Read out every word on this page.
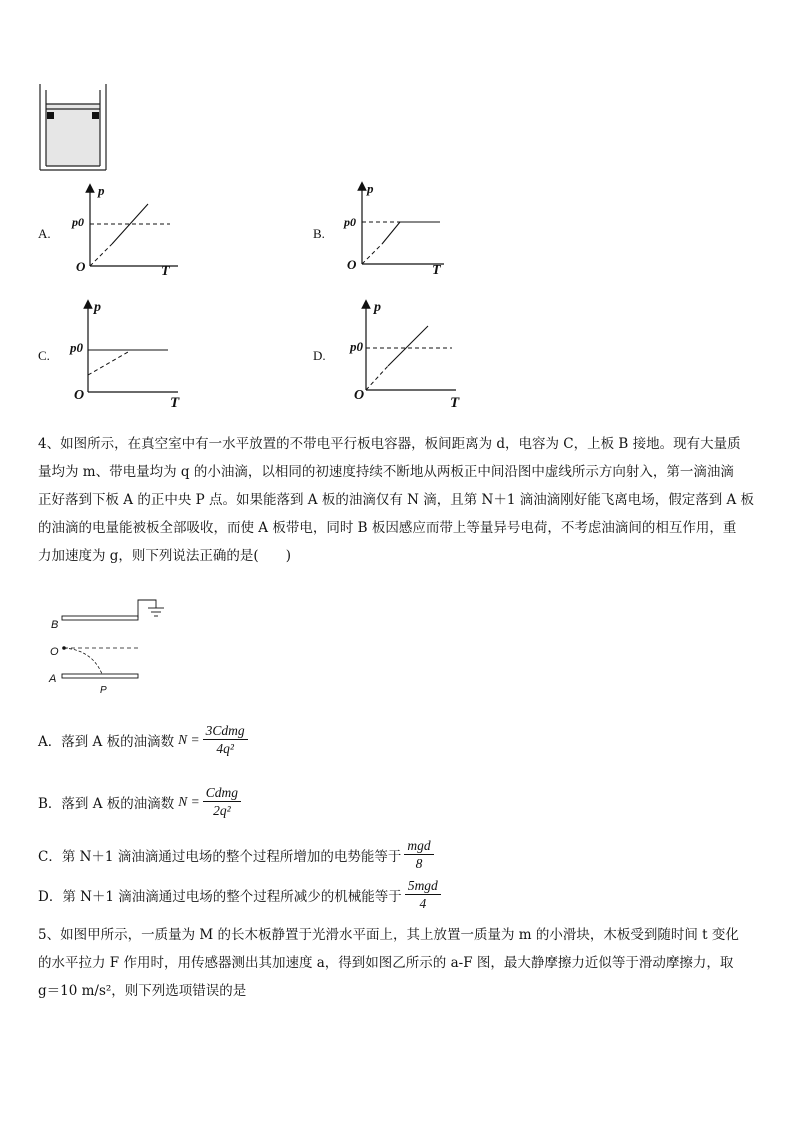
A.
p
p0
O	T
B.
p
p0
O	T
C.
p
p0
O	T
D.
p
p0
O	T

4、如图所示，在真空室中有一水平放置的不带电平行板电容器，板间距离为 d，电容为 C，上板 B 接地。现有大量质

量均为 m、带电量均为 q 的小油滴，以相同的初速度持续不断地从两板正中间沿图中虚线所示方向射入，第一滴油滴

正好落到下板 A 的正中央 P 点。如果能落到 A 板的油滴仅有 N 滴，且第 N＋1 滴油滴刚好能飞离电场，假定落到 A 板

的油滴的电量能被板全部吸收，而使 A 板带电，同时 B 板因感应而带上等量异号电荷，不考虑油滴间的相互作用，重

力加速度为 g，则下列说法正确的是(　　)

B
O
A
P
A．落到 A 板的油滴数 $N = \frac{\text{3Cdmg}}{\text{4q²}}$
B．落到 A 板的油滴数 $N = \frac{\text{Cdmg}}{\text{2q²}}$
C．第 N＋1 滴油滴通过电场的整个过程所增加的电势能等于 $\frac{\text{mgd}}{8}$
D．第 N＋1 滴油滴通过电场的整个过程所减少的机械能等于 $\frac{\text{5mgd}}{4}$

5、如图甲所示，一质量为 M 的长木板静置于光滑水平面上，其上放置一质量为 m 的小滑块，木板受到随时间 t 变化

的水平拉力 F 作用时，用传感器测出其加速度 a，得到如图乙所示的 a-F 图，最大静摩擦力近似等于滑动摩擦力，取

g＝10 m/s²，则下列选项错误的是
